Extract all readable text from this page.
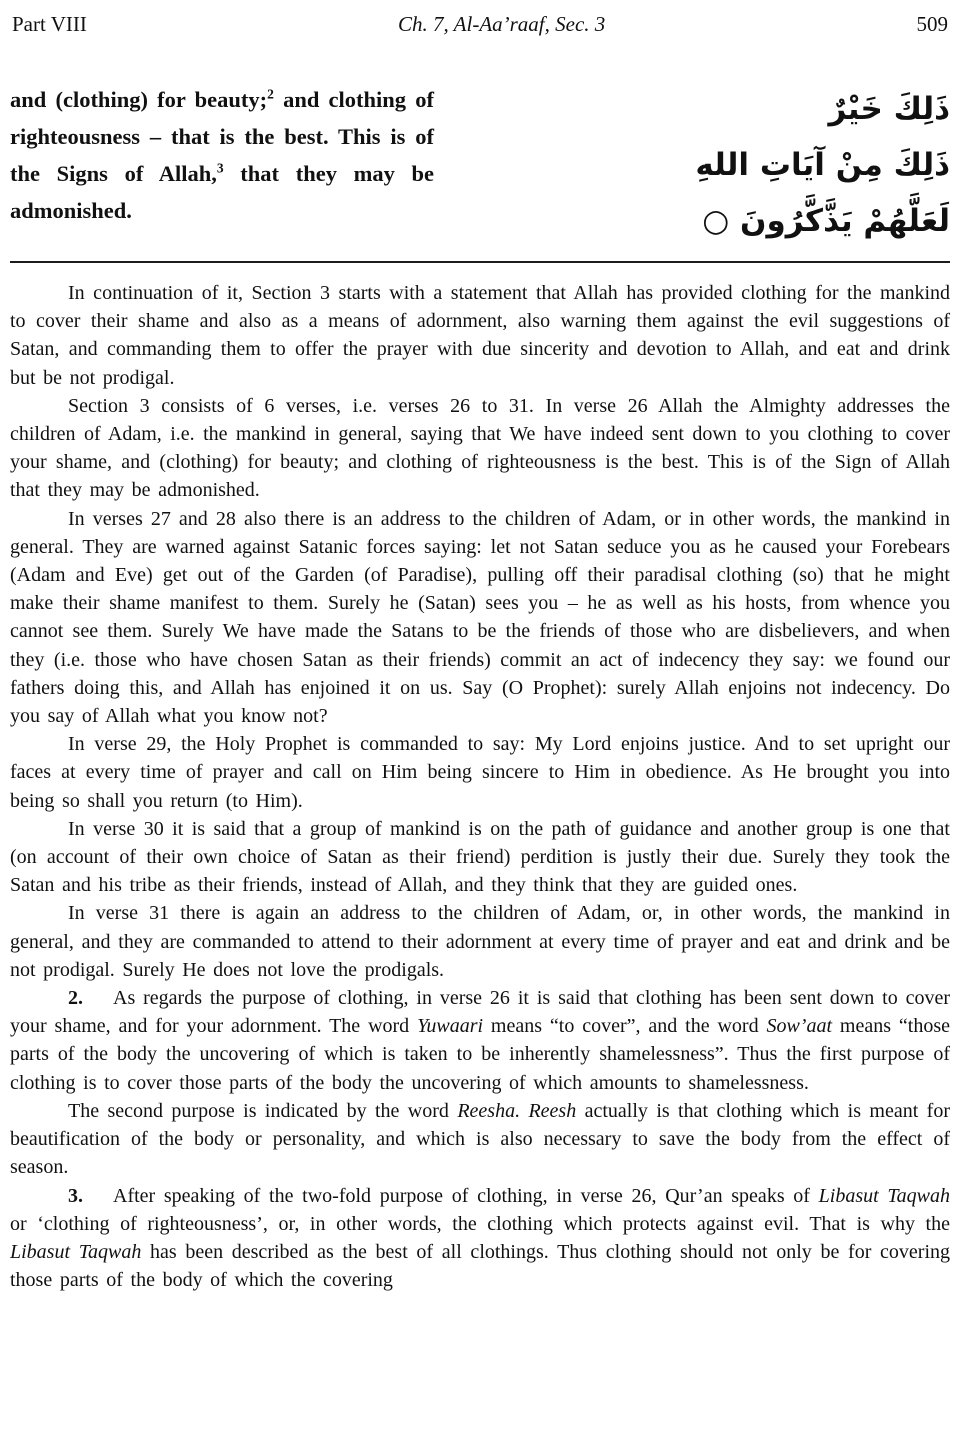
Part VIII	Ch. 7, Al-Aa’raaf, Sec. 3	509
and (clothing) for beauty;$^2$ and clothing of righteousness – that is the best. This is of the Signs of Allah,$^3$ that they may be admonished.
ذَلِكَ خَيْرٌ
ذَلِكَ مِنْ آيَاتِ اللهِ
لَعَلَّهُمْ يَذَّكَّرُونَ ○

In continuation of it, Section 3 starts with a statement that Allah has provided clothing for the mankind to cover their shame and also as a means of adornment, also warning them against the evil suggestions of Satan, and commanding them to offer the prayer with due sincerity and devotion to Allah, and eat and drink but be not prodigal.

Section 3 consists of 6 verses, i.e. verses 26 to 31. In verse 26 Allah the Almighty addresses the children of Adam, i.e. the mankind in general, saying that We have indeed sent down to you clothing to cover your shame, and (clothing) for beauty; and clothing of righteousness is the best. This is of the Sign of Allah that they may be admonished.

In verses 27 and 28 also there is an address to the children of Adam, or in other words, the mankind in general. They are warned against Satanic forces saying: let not Satan seduce you as he caused your Forebears (Adam and Eve) get out of the Garden (of Paradise), pulling off their paradisal clothing (so) that he might make their shame manifest to them. Surely he (Satan) sees you – he as well as his hosts, from whence you cannot see them. Surely We have made the Satans to be the friends of those who are disbelievers, and when they (i.e. those who have chosen Satan as their friends) commit an act of indecency they say: we found our fathers doing this, and Allah has enjoined it on us. Say (O Prophet): surely Allah enjoins not indecency. Do you say of Allah what you know not?

In verse 29, the Holy Prophet is commanded to say: My Lord enjoins justice. And to set upright our faces at every time of prayer and call on Him being sincere to Him in obedience. As He brought you into being so shall you return (to Him).

In verse 30 it is said that a group of mankind is on the path of guidance and another group is one that (on account of their own choice of Satan as their friend) perdition is justly their due. Surely they took the Satan and his tribe as their friends, instead of Allah, and they think that they are guided ones.

In verse 31 there is again an address to the children of Adam, or, in other words, the mankind in general, and they are commanded to attend to their adornment at every time of prayer and eat and drink and be not prodigal. Surely He does not love the prodigals.

2.  As regards the purpose of clothing, in verse 26 it is said that clothing has been sent down to cover your shame, and for your adornment. The word Yuwaari means “to cover”, and the word Sow’aat means “those parts of the body the uncovering of which is taken to be inherently shamelessness”. Thus the first purpose of clothing is to cover those parts of the body the uncovering of which amounts to shamelessness.

The second purpose is indicated by the word Reesha. Reesh actually is that clothing which is meant for beautification of the body or personality, and which is also necessary to save the body from the effect of season.

3.  After speaking of the two-fold purpose of clothing, in verse 26, Qur’an speaks of Libasut Taqwah or ‘clothing of righteousness’, or, in other words, the clothing which protects against evil. That is why the Libasut Taqwah has been described as the best of all clothings. Thus clothing should not only be for covering those parts of the body of which the covering
